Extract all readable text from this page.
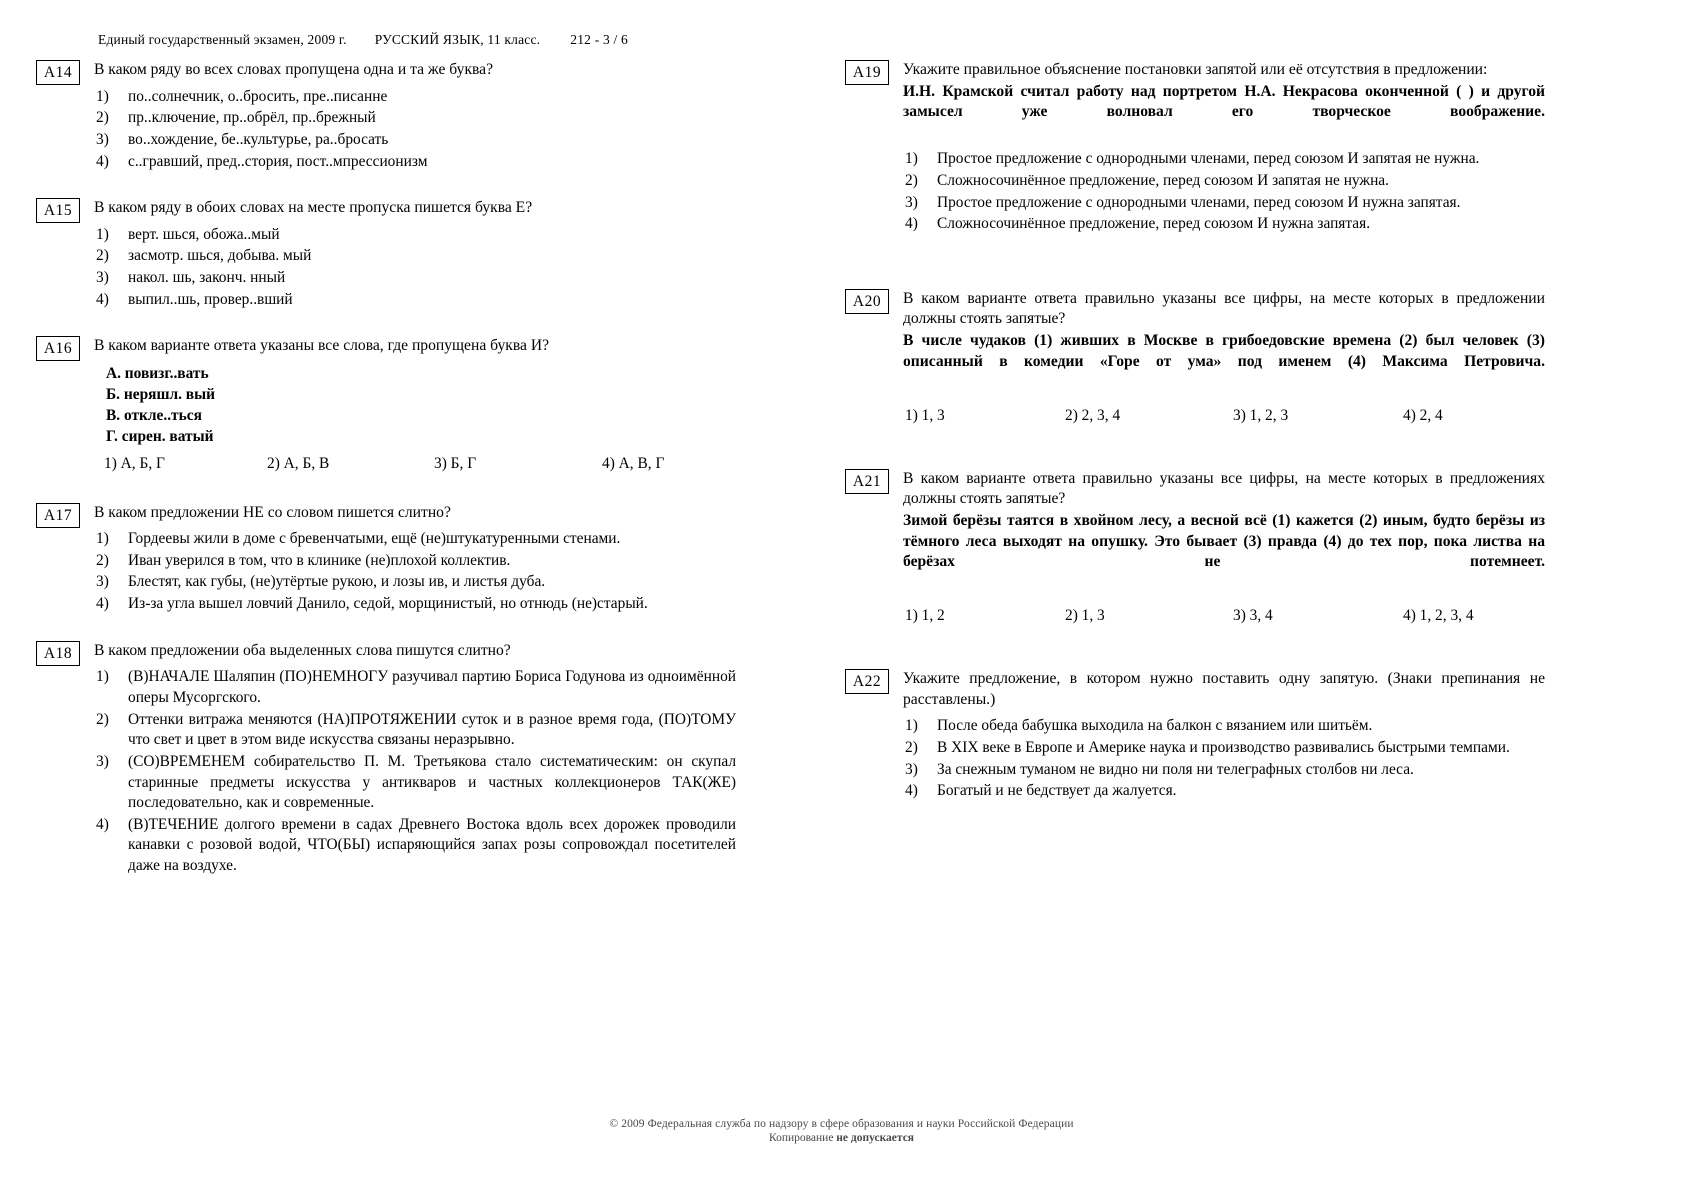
Единый государственный экзамен, 2009 г. РУССКИЙ ЯЗЫК, 11 класс. 212 - 3 / 6
A14	В каком ряду во всех словах пропущена одна и та же буква?
1)	по..солнечник, о..бросить, пре..писанне
2)	пр..ключение, пр..обрёл, пр..брежный
3)	во..хождение, бе..культурье, ра..бросать
4)	с..гравший, пред..стория, пост..мпрессионизм
A15	В каком ряду в обоих словах на месте пропуска пишется буква Е?
1)	верт. шься, обожа..мый
2)	засмотр. шься, добыва. мый
3)	накол. шь, законч. нный
4)	выпил..шь, провер..вший
A16	В каком варианте ответа указаны все слова, где пропущена буква И?
А. повизг..вать
Б. неряшл. вый
В. откле..ться
Г. сирен. ватый
1) А, Б, Г	2) А, Б, В	3) Б, Г	4) А, В, Г
A17	В каком предложении НЕ со словом пишется слитно?
1)	Гордеевы жили в доме с бревенчатыми, ещё (не)штукатуренными стенами.
2)	Иван уверился в том, что в клинике (не)плохой коллектив.
3)	Блестят, как губы, (не)утёртые рукою, и лозы ив, и листья дуба.
4)	Из-за угла вышел ловчий Данило, седой, морщинистый, но отнюдь (не)старый.
A18	В каком предложении оба выделенных слова пишутся слитно?
1)	(В)НАЧАЛЕ Шаляпин (ПО)НЕМНОГУ разучивал партию Бориса Годунова из одноимённой оперы Мусоргского.
2)	Оттенки витража меняются (НА)ПРОТЯЖЕНИИ суток и в разное время года, (ПО)ТОМУ что свет и цвет в этом виде искусства связаны неразрывно.
3)	(СО)ВРЕМЕНЕМ собирательство П. М. Третьякова стало систематическим: он скупал старинные предметы искусства у антикваров и частных коллекционеров ТАК(ЖЕ) последовательно, как и современные.
4)	(В)ТЕЧЕНИЕ долгого времени в садах Древнего Востока вдоль всех дорожек проводили канавки с розовой водой, ЧТО(БЫ) испаряющийся запах розы сопровождал посетителей даже на воздухе.
A19	Укажите правильное объяснение постановки запятой или её отсутствия в предложении:
И.Н. Крамской считал работу над портретом Н.А. Некрасова оконченной ( ) и другой замысел уже волновал его творческое воображение.
1)	Простое предложение с однородными членами, перед союзом И запятая не нужна.
2)	Сложносочинённое предложение, перед союзом И запятая не нужна.
3)	Простое предложение с однородными членами, перед союзом И нужна запятая.
4)	Сложносочинённое предложение, перед союзом И нужна запятая.
A20	В каком варианте ответа правильно указаны все цифры, на месте которых в предложении должны стоять запятые?
В числе чудаков (1) живших в Москве в грибоедовские времена (2) был человек (3) описанный в комедии «Горе от ума» под именем (4) Максима Петровича.
1) 1, 3	2) 2, 3, 4	3) 1, 2, 3	4) 2, 4
A21	В каком варианте ответа правильно указаны все цифры, на месте которых в предложениях должны стоять запятые?
Зимой берёзы таятся в хвойном лесу, а весной всё (1) кажется (2) иным, будто берёзы из тёмного леса выходят на опушку. Это бывает (3) правда (4) до тех пор, пока листва на берёзах не потемнеет.
1) 1, 2	2) 1, 3	3) 3, 4	4) 1, 2, 3, 4
A22	Укажите предложение, в котором нужно поставить одну запятую. (Знаки препинания не расставлены.)
1)	После обеда бабушка выходила на балкон с вязанием или шитьём.
2)	В XIX веке в Европе и Америке наука и производство развивались быстрыми темпами.
3)	За снежным туманом не видно ни поля ни телеграфных столбов ни леса.
4)	Богатый и не бедствует да жалуется.
© 2009 Федеральная служба по надзору в сфере образования и науки Российской Федерации
Копирование не допускается
